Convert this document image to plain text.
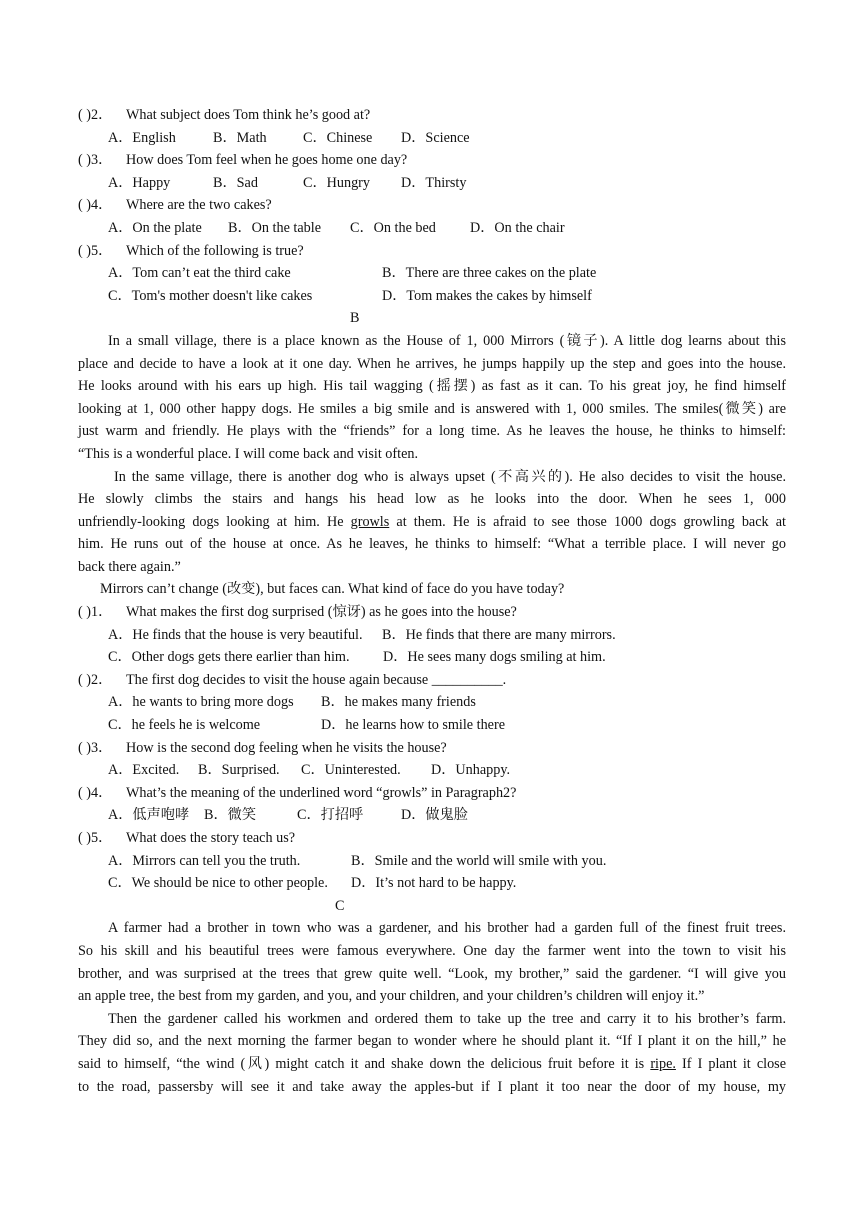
( )2． What subject does Tom think he’s good at?
A．English	B．Math	C．Chinese D．Science
( )3． How does Tom feel when he goes home one day?
A．Happy	B．Sad	C．Hungry D．Thirsty
( )4． Where are the two cakes?
A．On the plate B．On the table C．On the bed D．On the chair
( )5． Which of the following is true?
A．Tom can’t eat the third cake	B．There are three cakes on the plate
C．Tom's mother doesn't like cakes	D．Tom makes the cakes by himself
B
In a small village, there is a place known as the House of 1, 000 Mirrors (镜子). A little dog learns about this
place and decide to have a look at it one day. When he arrives, he jumps happily up the step and goes into the house.
He looks around with his ears up high. His tail wagging (摇摆) as fast as it can. To his great joy, he find himself
looking at 1, 000 other happy dogs. He smiles a big smile and is answered with 1, 000 smiles. The smiles(微笑) are
just warm and friendly. He plays with the “friends” for a long time. As he leaves the house, he thinks to himself:
“This is a wonderful place. I will come back and visit often.
In the same village, there is another dog who is always upset (不高兴的). He also decides to visit the house.
He slowly climbs the stairs and hangs his head low as he looks into the door. When he sees 1, 000
unfriendly-looking dogs looking at him. He growls at them. He is afraid to see those 1000 dogs growling back at
him. He runs out of the house at once. As he leaves, he thinks to himself: “What a terrible place. I will never go
back there again.”
Mirrors can’t change (改变), but faces can. What kind of face do you have today?
( )1． What makes the first dog surprised (惊讶) as he goes into the house?
A．He finds that the house is very beautiful. B．He finds that there are many mirrors.
C．Other dogs gets there earlier than him. D．He sees many dogs smiling at him.
( )2． The first dog decides to visit the house again because __________.
A．he wants to bring more dogs B．he makes many friends
C．he feels he is welcome	D．he learns how to smile there
( )3． How is the second dog feeling when he visits the house?
A．Excited. B．Surprised. C．Uninterested. D．Unhappy.
( )4． What’s the meaning of the underlined word “growls” in Paragraph2?
A．低声咆哮 B．微笑	C．打招呼	D．做鬼脸
( )5． What does the story teach us?
A．Mirrors can tell you the truth.	B．Smile and the world will smile with you.
C．We should be nice to other people. D．It’s not hard to be happy.
C
A farmer had a brother in town who was a gardener, and his brother had a garden full of the finest fruit trees.
So his skill and his beautiful trees were famous everywhere. One day the farmer went into the town to visit his
brother, and was surprised at the trees that grew quite well. “Look, my brother,” said the gardener. “I will give you
an apple tree, the best from my garden, and you, and your children, and your children’s children will enjoy it.”
Then the gardener called his workmen and ordered them to take up the tree and carry it to his brother’s farm.
They did so, and the next morning the farmer began to wonder where he should plant it. “If I plant it on the hill,” he
said to himself, “the wind (风) might catch it and shake down the delicious fruit before it is ripe. If I plant it close
to the road, passersby will see it and take away the apples-but if I plant it too near the door of my house, my
